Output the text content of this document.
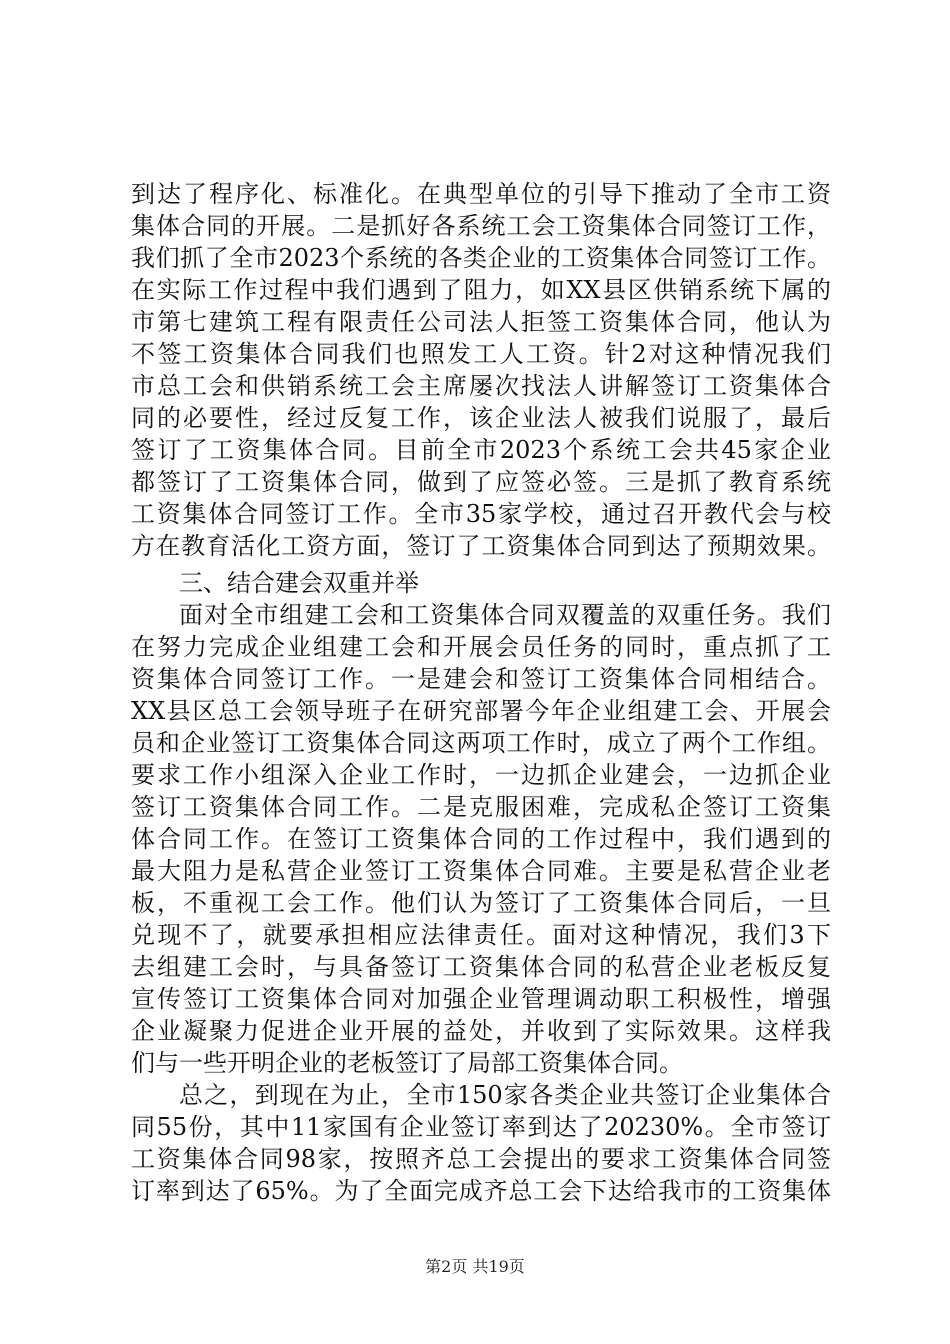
到达了程序化、标准化。在典型单位的引导下推动了全市工资
集体合同的开展。二是抓好各系统工会工资集体合同签订工作，
我们抓了全市2023个系统的各类企业的工资集体合同签订工作。
在实际工作过程中我们遇到了阻力，如XX县区供销系统下属的
市第七建筑工程有限责任公司法人拒签工资集体合同，他认为
不签工资集体合同我们也照发工人工资。针2对这种情况我们
市总工会和供销系统工会主席屡次找法人讲解签订工资集体合
同的必要性，经过反复工作，该企业法人被我们说服了，最后
签订了工资集体合同。目前全市2023个系统工会共45家企业
都签订了工资集体合同，做到了应签必签。三是抓了教育系统
工资集体合同签订工作。全市35家学校，通过召开教代会与校
方在教育活化工资方面，签订了工资集体合同到达了预期效果。
三、结合建会双重并举
面对全市组建工会和工资集体合同双覆盖的双重任务。我们
在努力完成企业组建工会和开展会员任务的同时，重点抓了工
资集体合同签订工作。一是建会和签订工资集体合同相结合。
XX县区总工会领导班子在研究部署今年企业组建工会、开展会
员和企业签订工资集体合同这两项工作时，成立了两个工作组。
要求工作小组深入企业工作时，一边抓企业建会，一边抓企业
签订工资集体合同工作。二是克服困难，完成私企签订工资集
体合同工作。在签订工资集体合同的工作过程中，我们遇到的
最大阻力是私营企业签订工资集体合同难。主要是私营企业老
板，不重视工会工作。他们认为签订了工资集体合同后，一旦
兑现不了，就要承担相应法律责任。面对这种情况，我们3下
去组建工会时，与具备签订工资集体合同的私营企业老板反复
宣传签订工资集体合同对加强企业管理调动职工积极性，增强
企业凝聚力促进企业开展的益处，并收到了实际效果。这样我
们与一些开明企业的老板签订了局部工资集体合同。
总之，到现在为止，全市150家各类企业共签订企业集体合
同55份，其中11家国有企业签订率到达了20230%。全市签订
工资集体合同98家，按照齐总工会提出的要求工资集体合同签
订率到达了65%。为了全面完成齐总工会下达给我市的工资集体
第2页 共19页
